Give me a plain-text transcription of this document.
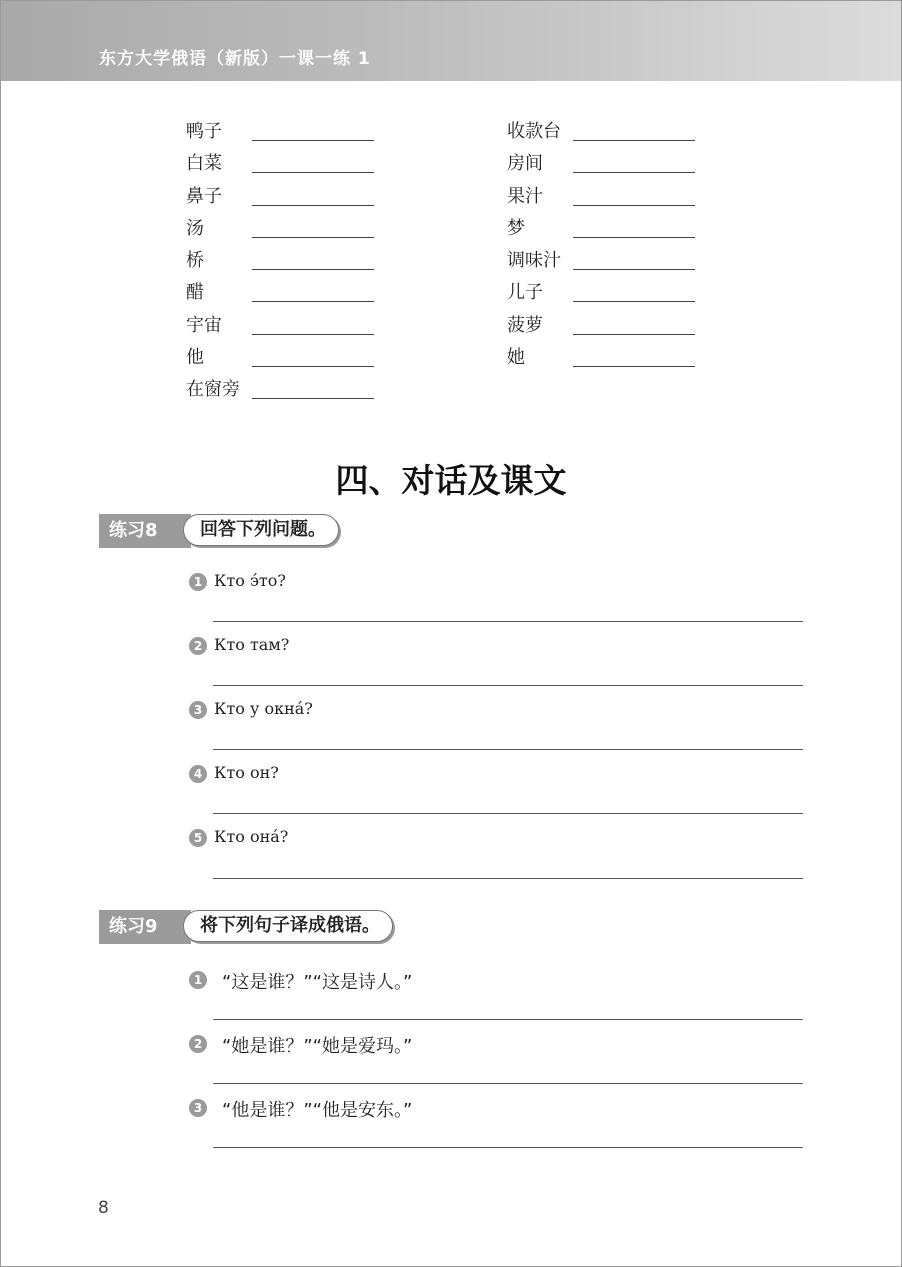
东方大学俄语（新版）一课一练 1
鸭子
白菜
鼻子
汤
桥
醋
宇宙
他
在窗旁
收款台
房间
果汁
梦
调味汁
儿子
菠萝
她
四、对话及课文
练习8	回答下列问题。
1 Кто э́то?
2 Кто там?
3 Кто у окна́?
4 Кто он?
5 Кто она́?
练习9	将下列句子译成俄语。
1 “这是谁？”“这是诗人。”
2 “她是谁？”“她是爱玛。”
3 “他是谁？”“他是安东。”
8
